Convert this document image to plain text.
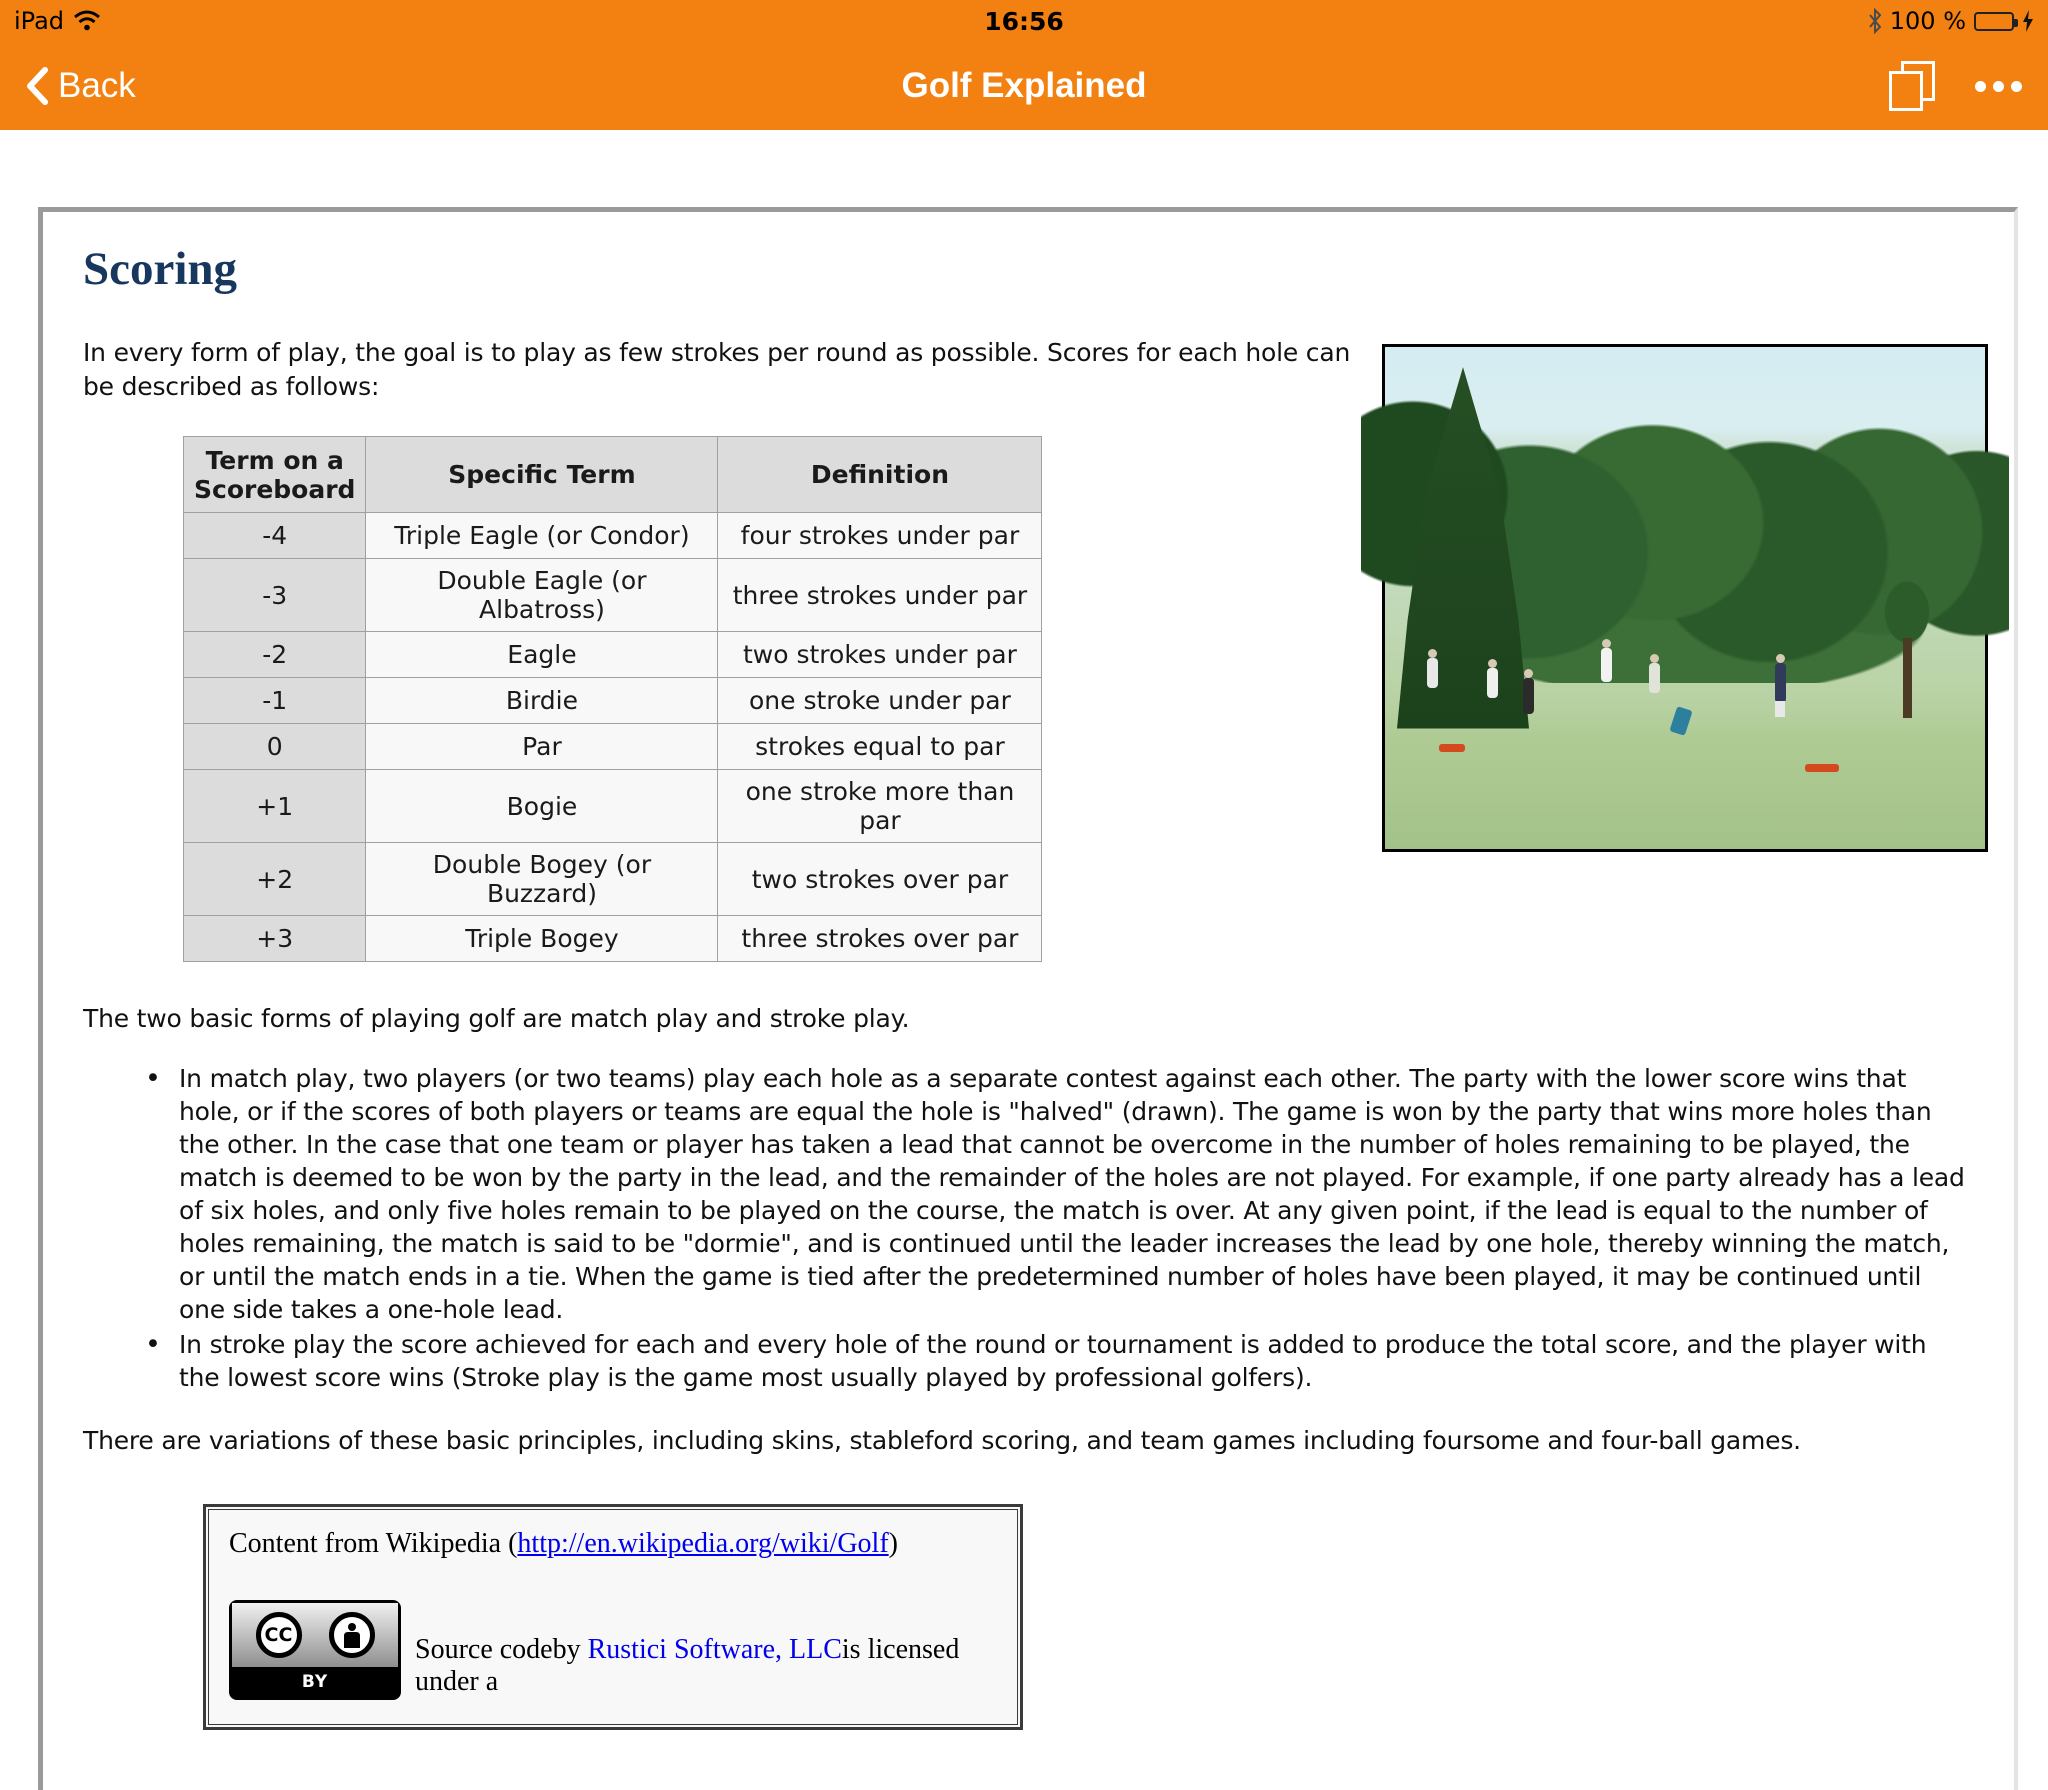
iPad	16:56	100 %
Back	Golf Explained
Scoring

In every form of play, the goal is to play as few strokes per round as possible. Scores for each hole can be described as follows:

Term on a Scoreboard	Specific Term	Definition
-4	Triple Eagle (or Condor)	four strokes under par
-3	Double Eagle (or Albatross)	three strokes under par
-2	Eagle	two strokes under par
-1	Birdie	one stroke under par
0	Par	strokes equal to par
+1	Bogie	one stroke more than par
+2	Double Bogey (or Buzzard)	two strokes over par
+3	Triple Bogey	three strokes over par

The two basic forms of playing golf are match play and stroke play.

• In match play, two players (or two teams) play each hole as a separate contest against each other. The party with the lower score wins that hole, or if the scores of both players or teams are equal the hole is "halved" (drawn). The game is won by the party that wins more holes than the other. In the case that one team or player has taken a lead that cannot be overcome in the number of holes remaining to be played, the match is deemed to be won by the party in the lead, and the remainder of the holes are not played. For example, if one party already has a lead of six holes, and only five holes remain to be played on the course, the match is over. At any given point, if the lead is equal to the number of holes remaining, the match is said to be "dormie", and is continued until the leader increases the lead by one hole, thereby winning the match, or until the match ends in a tie. When the game is tied after the predetermined number of holes have been played, it may be continued until one side takes a one-hole lead.
• In stroke play the score achieved for each and every hole of the round or tournament is added to produce the total score, and the player with the lowest score wins (Stroke play is the game most usually played by professional golfers).

There are variations of these basic principles, including skins, stableford scoring, and team games including foursome and four-ball games.

Content from Wikipedia (http://en.wikipedia.org/wiki/Golf)

CC
BY

Source codeby Rustici Software, LLCis licensed under a
